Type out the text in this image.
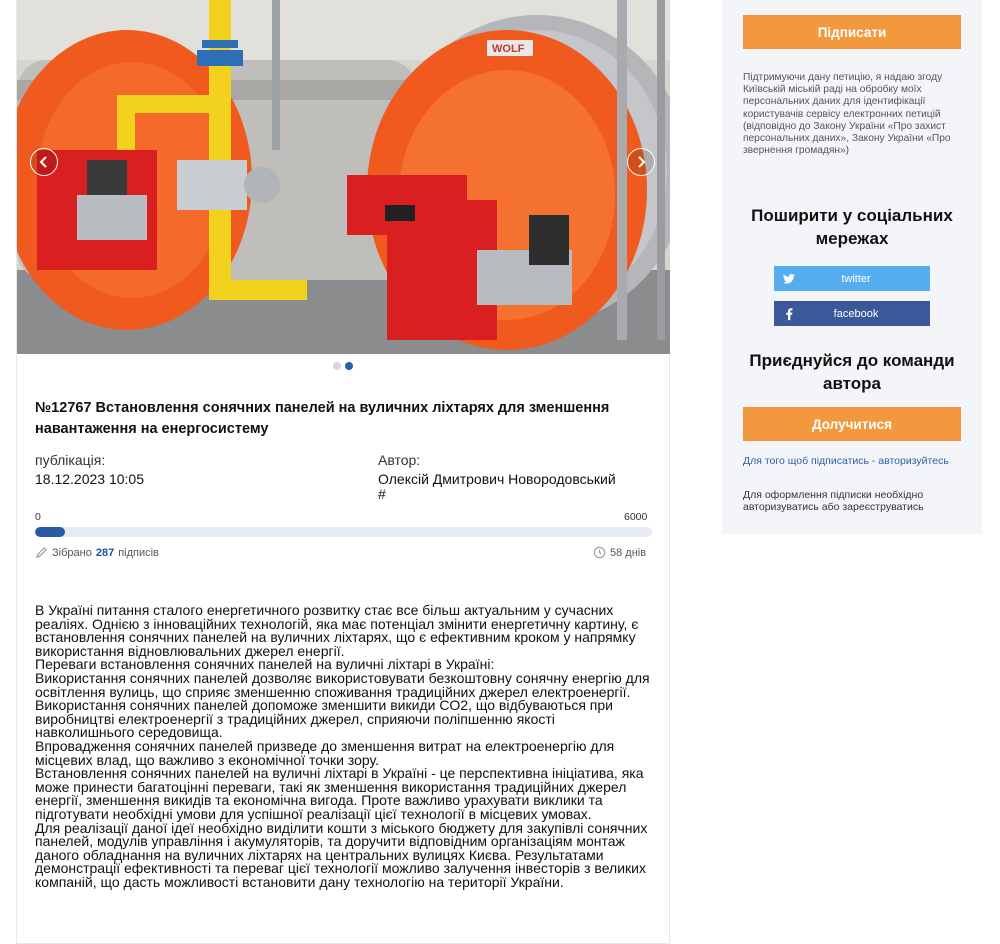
WOLF
№12767 Встановлення сонячних панелей на вуличних ліхтарях для зменшення навантаження на енергосистему
публікація:
18.12.2023 10:05
Автор:
Олексій Дмитрович Новородовський
#
0	6000
Зібрано 287 підписів	58 днів

В Україні питання сталого енергетичного розвитку стає все більш актуальним у сучасних реаліях. Однією з інноваційних технологій, яка має потенціал змінити енергетичну картину, є встановлення сонячних панелей на вуличних ліхтарях, що є ефективним кроком у напрямку використання відновлювальних джерел енергії.

Переваги встановлення сонячних панелей на вуличні ліхтарі в Україні:

Використання сонячних панелей дозволяє використовувати безкоштовну сонячну енергію для освітлення вулиць, що сприяє зменшенню споживання традиційних джерел електроенергії.

Використання сонячних панелей допоможе зменшити викиди CO2, що відбуваються при виробництві електроенергії з традиційних джерел, сприяючи поліпшенню якості навколишнього середовища.

Впровадження сонячних панелей призведе до зменшення витрат на електроенергію для місцевих влад, що важливо з економічної точки зору.

Встановлення сонячних панелей на вуличні ліхтарі в Україні - це перспективна ініціатива, яка може принести багатоцінні переваги, такі як зменшення використання традиційних джерел енергії, зменшення викидів та економічна вигода. Проте важливо урахувати виклики та підготувати необхідні умови для успішної реалізації цієї технології в місцевих умовах.

Для реалізації даної ідеї необхідно виділити кошти з міського бюджету для закупівлі сонячних панелей, модулів управління і акумуляторів, та доручити відповідним організаціям монтаж даного обладнання на вуличних ліхтарях на центральних вулицях Києва. Результатами демонстрації ефективності та переваг цієї технології можливо залучення інвесторів з великих компаній, що дасть можливості встановити дану технологію на території України.

Підписати

Підтримуючи дану петицію, я надаю згоду Київській міській раді на обробку моїх персональних даних для ідентифікації користувачів сервісу електронних петицій (відповідно до Закону України «Про захист персональних даних», Закону України «Про звернення громадян»)

Поширити у соціальних мережах
twitter
facebook
Приєднуйся до команди автора
Долучитися
Для того щоб підписатись - авторизуйтесь

Для оформлення підписки необхідно авторизуватись або зареєструватись
